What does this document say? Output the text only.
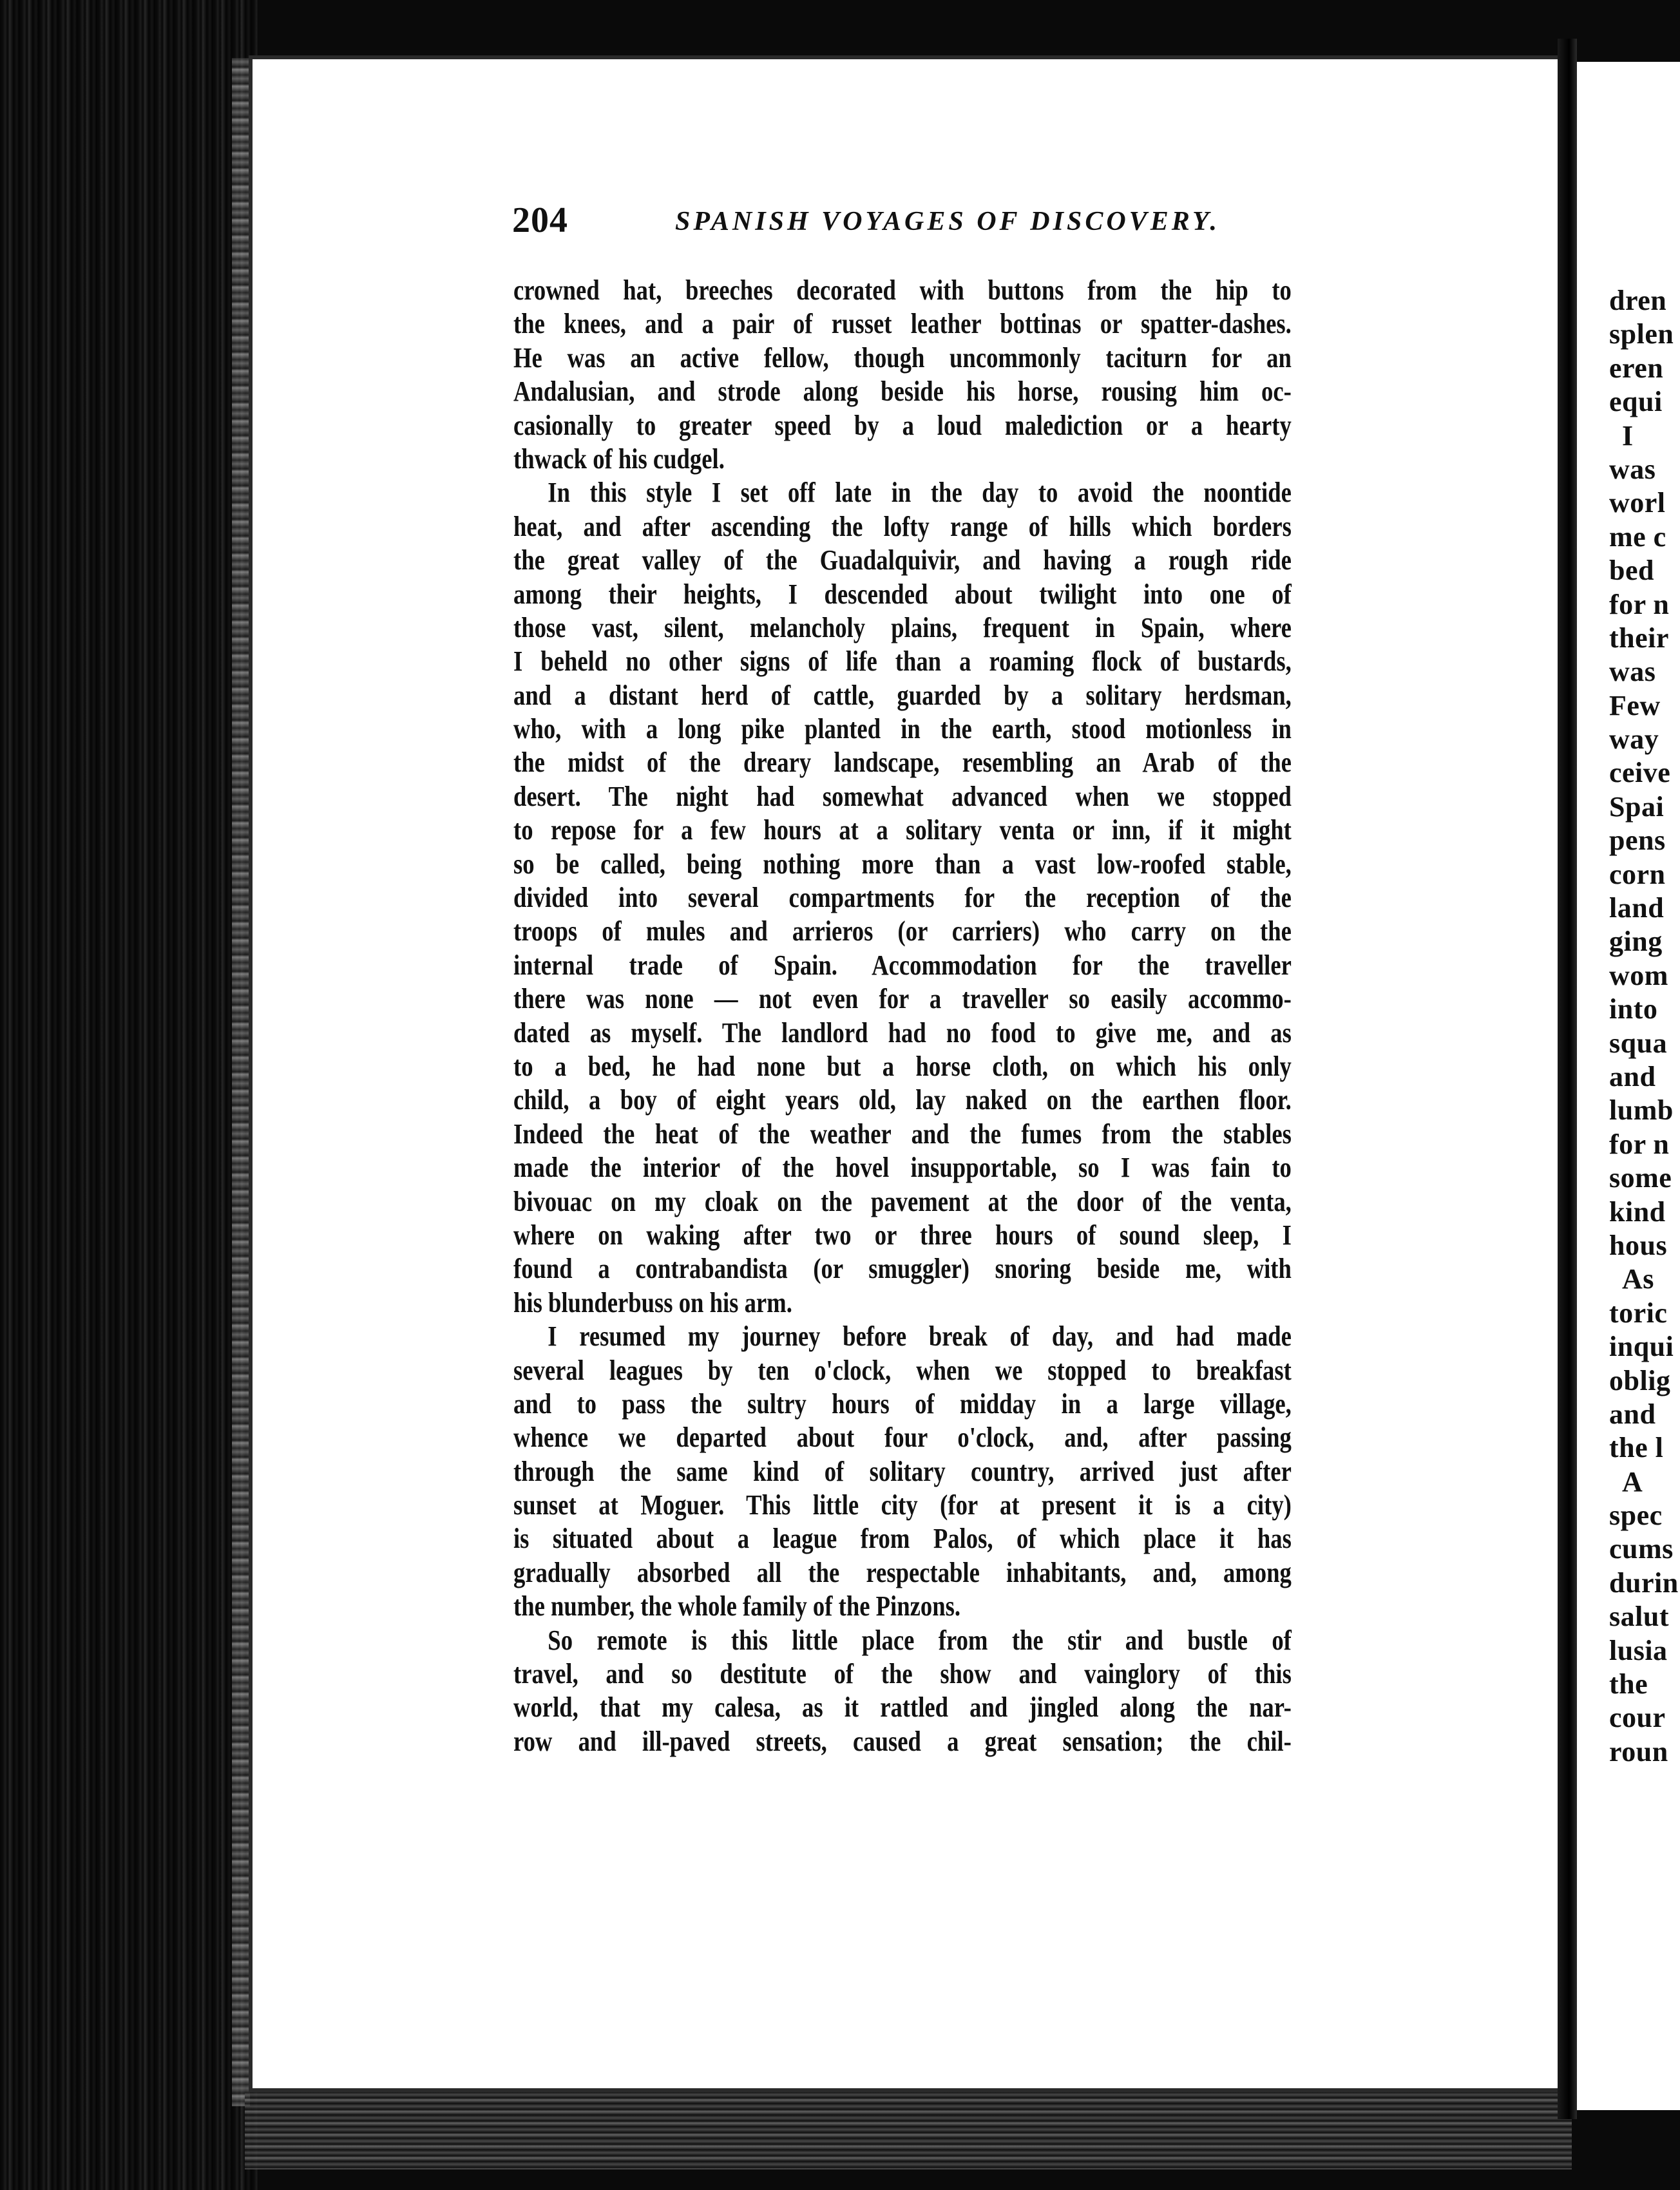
204	SPANISH VOYAGES OF DISCOVERY.
crowned hat, breeches decorated with buttons from the hip to
the knees, and a pair of russet leather bottinas or spatter-dashes.
He was an active fellow, though uncommonly taciturn for an
Andalusian, and strode along beside his horse, rousing him oc-
casionally to greater speed by a loud malediction or a hearty
thwack of his cudgel.
In this style I set off late in the day to avoid the noontide
heat, and after ascending the lofty range of hills which borders
the great valley of the Guadalquivir, and having a rough ride
among their heights, I descended about twilight into one of
those vast, silent, melancholy plains, frequent in Spain, where
I beheld no other signs of life than a roaming flock of bustards,
and a distant herd of cattle, guarded by a solitary herdsman,
who, with a long pike planted in the earth, stood motionless in
the midst of the dreary landscape, resembling an Arab of the
desert. The night had somewhat advanced when we stopped
to repose for a few hours at a solitary venta or inn, if it might
so be called, being nothing more than a vast low-roofed stable,
divided into several compartments for the reception of the
troops of mules and arrieros (or carriers) who carry on the
internal trade of Spain. Accommodation for the traveller
there was none — not even for a traveller so easily accommo-
dated as myself. The landlord had no food to give me, and as
to a bed, he had none but a horse cloth, on which his only
child, a boy of eight years old, lay naked on the earthen floor.
Indeed the heat of the weather and the fumes from the stables
made the interior of the hovel insupportable, so I was fain to
bivouac on my cloak on the pavement at the door of the venta,
where on waking after two or three hours of sound sleep, I
found a contrabandista (or smuggler) snoring beside me, with
his blunderbuss on his arm.
I resumed my journey before break of day, and had made
several leagues by ten o'clock, when we stopped to breakfast
and to pass the sultry hours of midday in a large village,
whence we departed about four o'clock, and, after passing
through the same kind of solitary country, arrived just after
sunset at Moguer. This little city (for at present it is a city)
is situated about a league from Palos, of which place it has
gradually absorbed all the respectable inhabitants, and, among
the number, the whole family of the Pinzons.
So remote is this little place from the stir and bustle of
travel, and so destitute of the show and vainglory of this
world, that my calesa, as it rattled and jingled along the nar-
row and ill-paved streets, caused a great sensation; the chil-
dren
splen
eren
equi
I
was
worl
me c
bed
for n
their
was
Few
way
ceive
Spai
pens
corn
land
ging
wom
into
squa
and
lumb
for n
some
kind
hous
As
toric
inqui
oblig
and
the l
A
spec
cums
durin
salut
lusia
the
cour
roun
